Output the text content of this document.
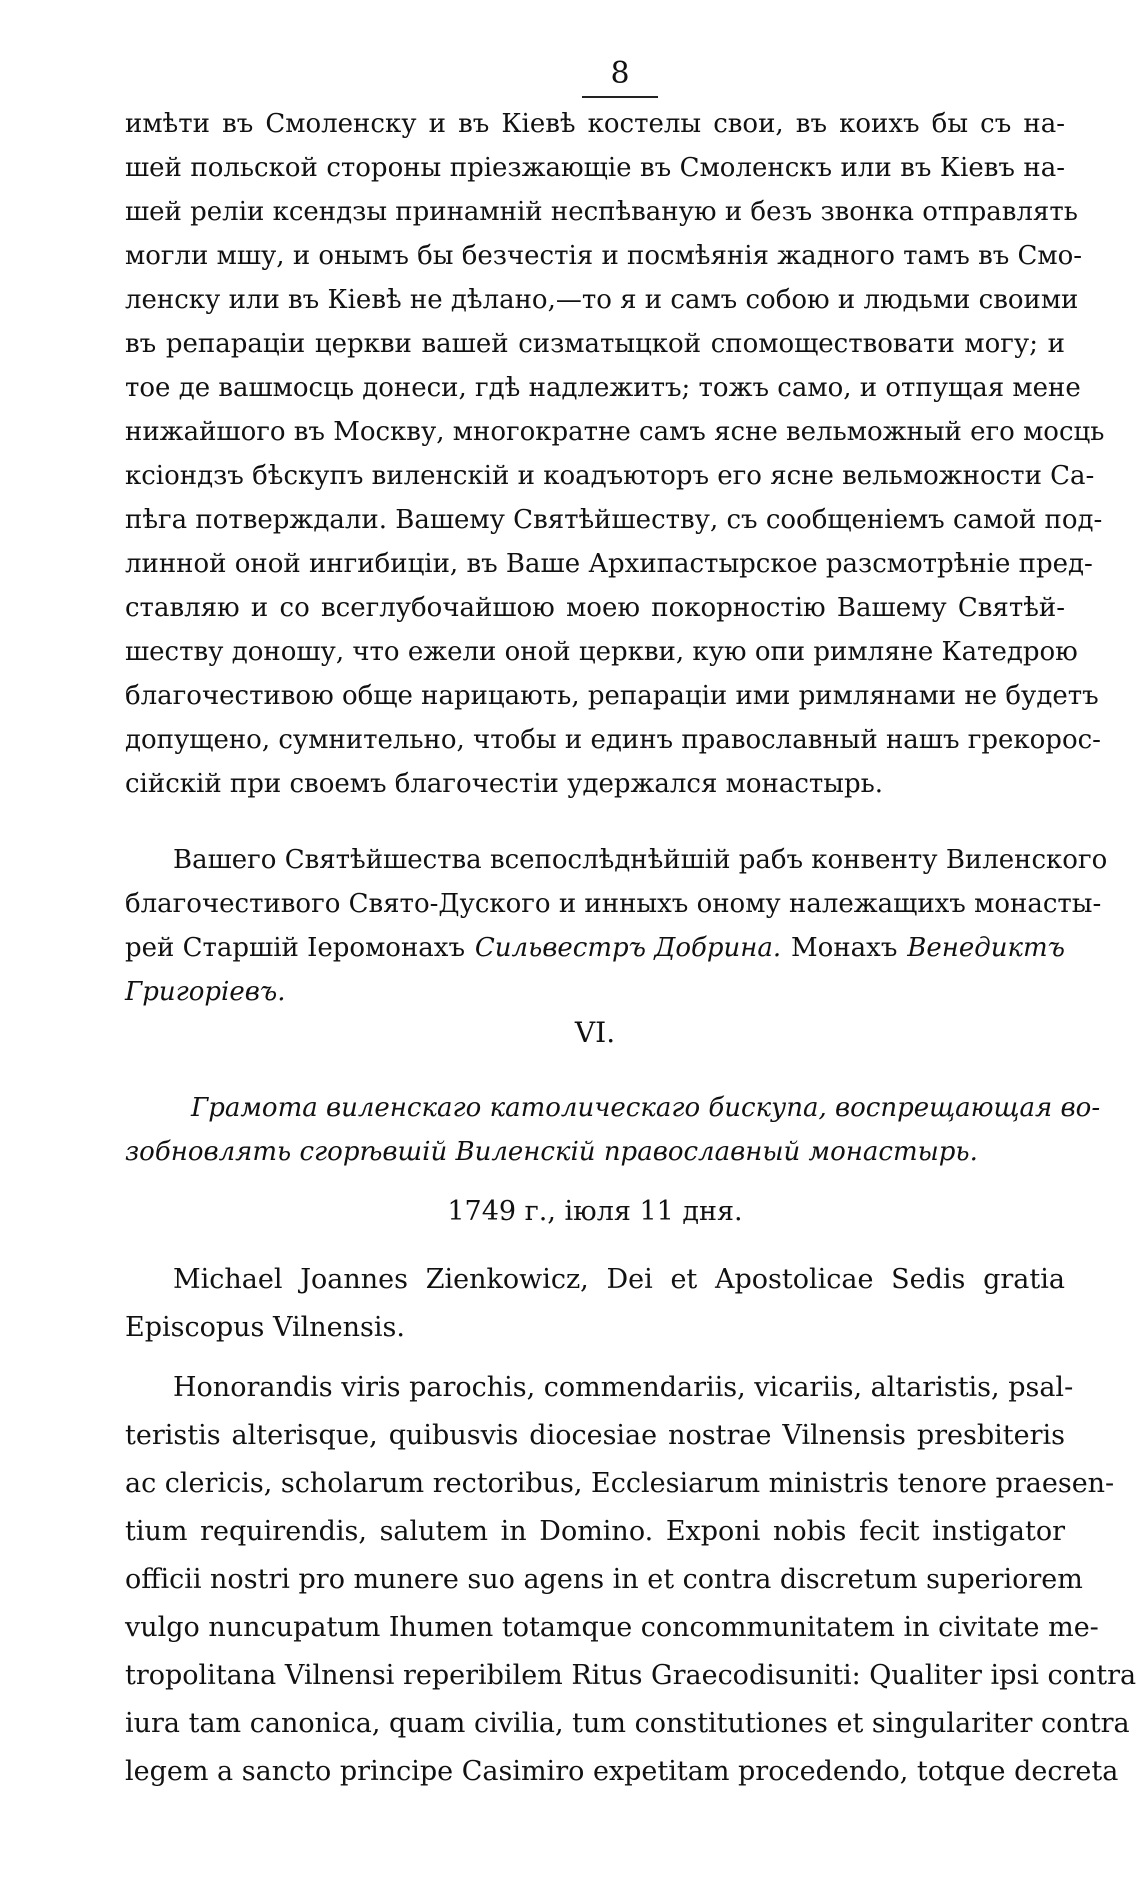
8
имѣти въ Смоленску и въ Кіевѣ костелы свои, въ коихъ бы съ на-
шей польской стороны пріезжающіе въ Смоленскъ или въ Кіевъ на-
шей реліи ксендзы принамній неспѣваную и безъ звонка отправлять
могли мшу, и онымъ бы безчестія и посмѣянія жадного тамъ въ Смо-
ленску или въ Кіевѣ не дѣлано,—то я и самъ собою и людьми своими
въ репараціи церкви вашей сизматыцкой спомоществовати могу; и
тое де вашмосць донеси, гдѣ надлежитъ; тожъ само, и отпущая мене
нижайшого въ Москву, многократне самъ ясне вельможный его мосць
ксіондзъ бѣскупъ виленскій и коадъюторъ его ясне вельможности Са-
пѣга потверждали. Вашему Святѣйшеству, съ сообщеніемъ самой под-
линной оной ингибиціи, въ Ваше Архипастырское разсмотрѣніе пред-
ставляю и со всеглубочайшою моею покорностію Вашему Святѣй-
шеству доношу, что ежели оной церкви, кую опи римляне Катедрою
благочестивою обще нарицають, репараціи ими римлянами не будетъ
допущено, сумнительно, чтобы и единъ православный нашъ грекорос-
сійскій при своемъ благочестіи удержался монастырь.
Вашего Святѣйшества всепослѣднѣйшій рабъ конвенту Виленского
благочестивого Свято-Дуского и инныхъ оному належащихъ монасты-
рей Старшій Іеромонахъ Сильвестръ Добрина. Монахъ Венедиктъ
Григоріевъ.
VI.
Грамота виленскаго католическаго бискупа, воспрещающая во-
зобновлять сгорѣвшій Виленскій православный монастырь.
1749 г., іюля 11 дня.
Michael Joannes Zienkowicz, Dei et Apostolicae Sedis gratia
Episcopus Vilnensis.
Honorandis viris parochis, commendariis, vicariis, altaristis, psal-
teristis alterisque, quibusvis diocesiae nostrae Vilnensis presbiteris
ac clericis, scholarum rectoribus, Ecclesiarum ministris tenore praesen-
tium requirendis, salutem in Domino. Exponi nobis fecit instigator
officii nostri pro munere suo agens in et contra discretum superiorem
vulgo nuncupatum Ihumen totamque concommunitatem in civitate me-
tropolitana Vilnensi reperibilem Ritus Graecodisuniti: Qualiter ipsi contra
iura tam canonica, quam civilia, tum constitutiones et singulariter contra
legem a sancto principe Casimiro expetitam procedendo, totque decreta
